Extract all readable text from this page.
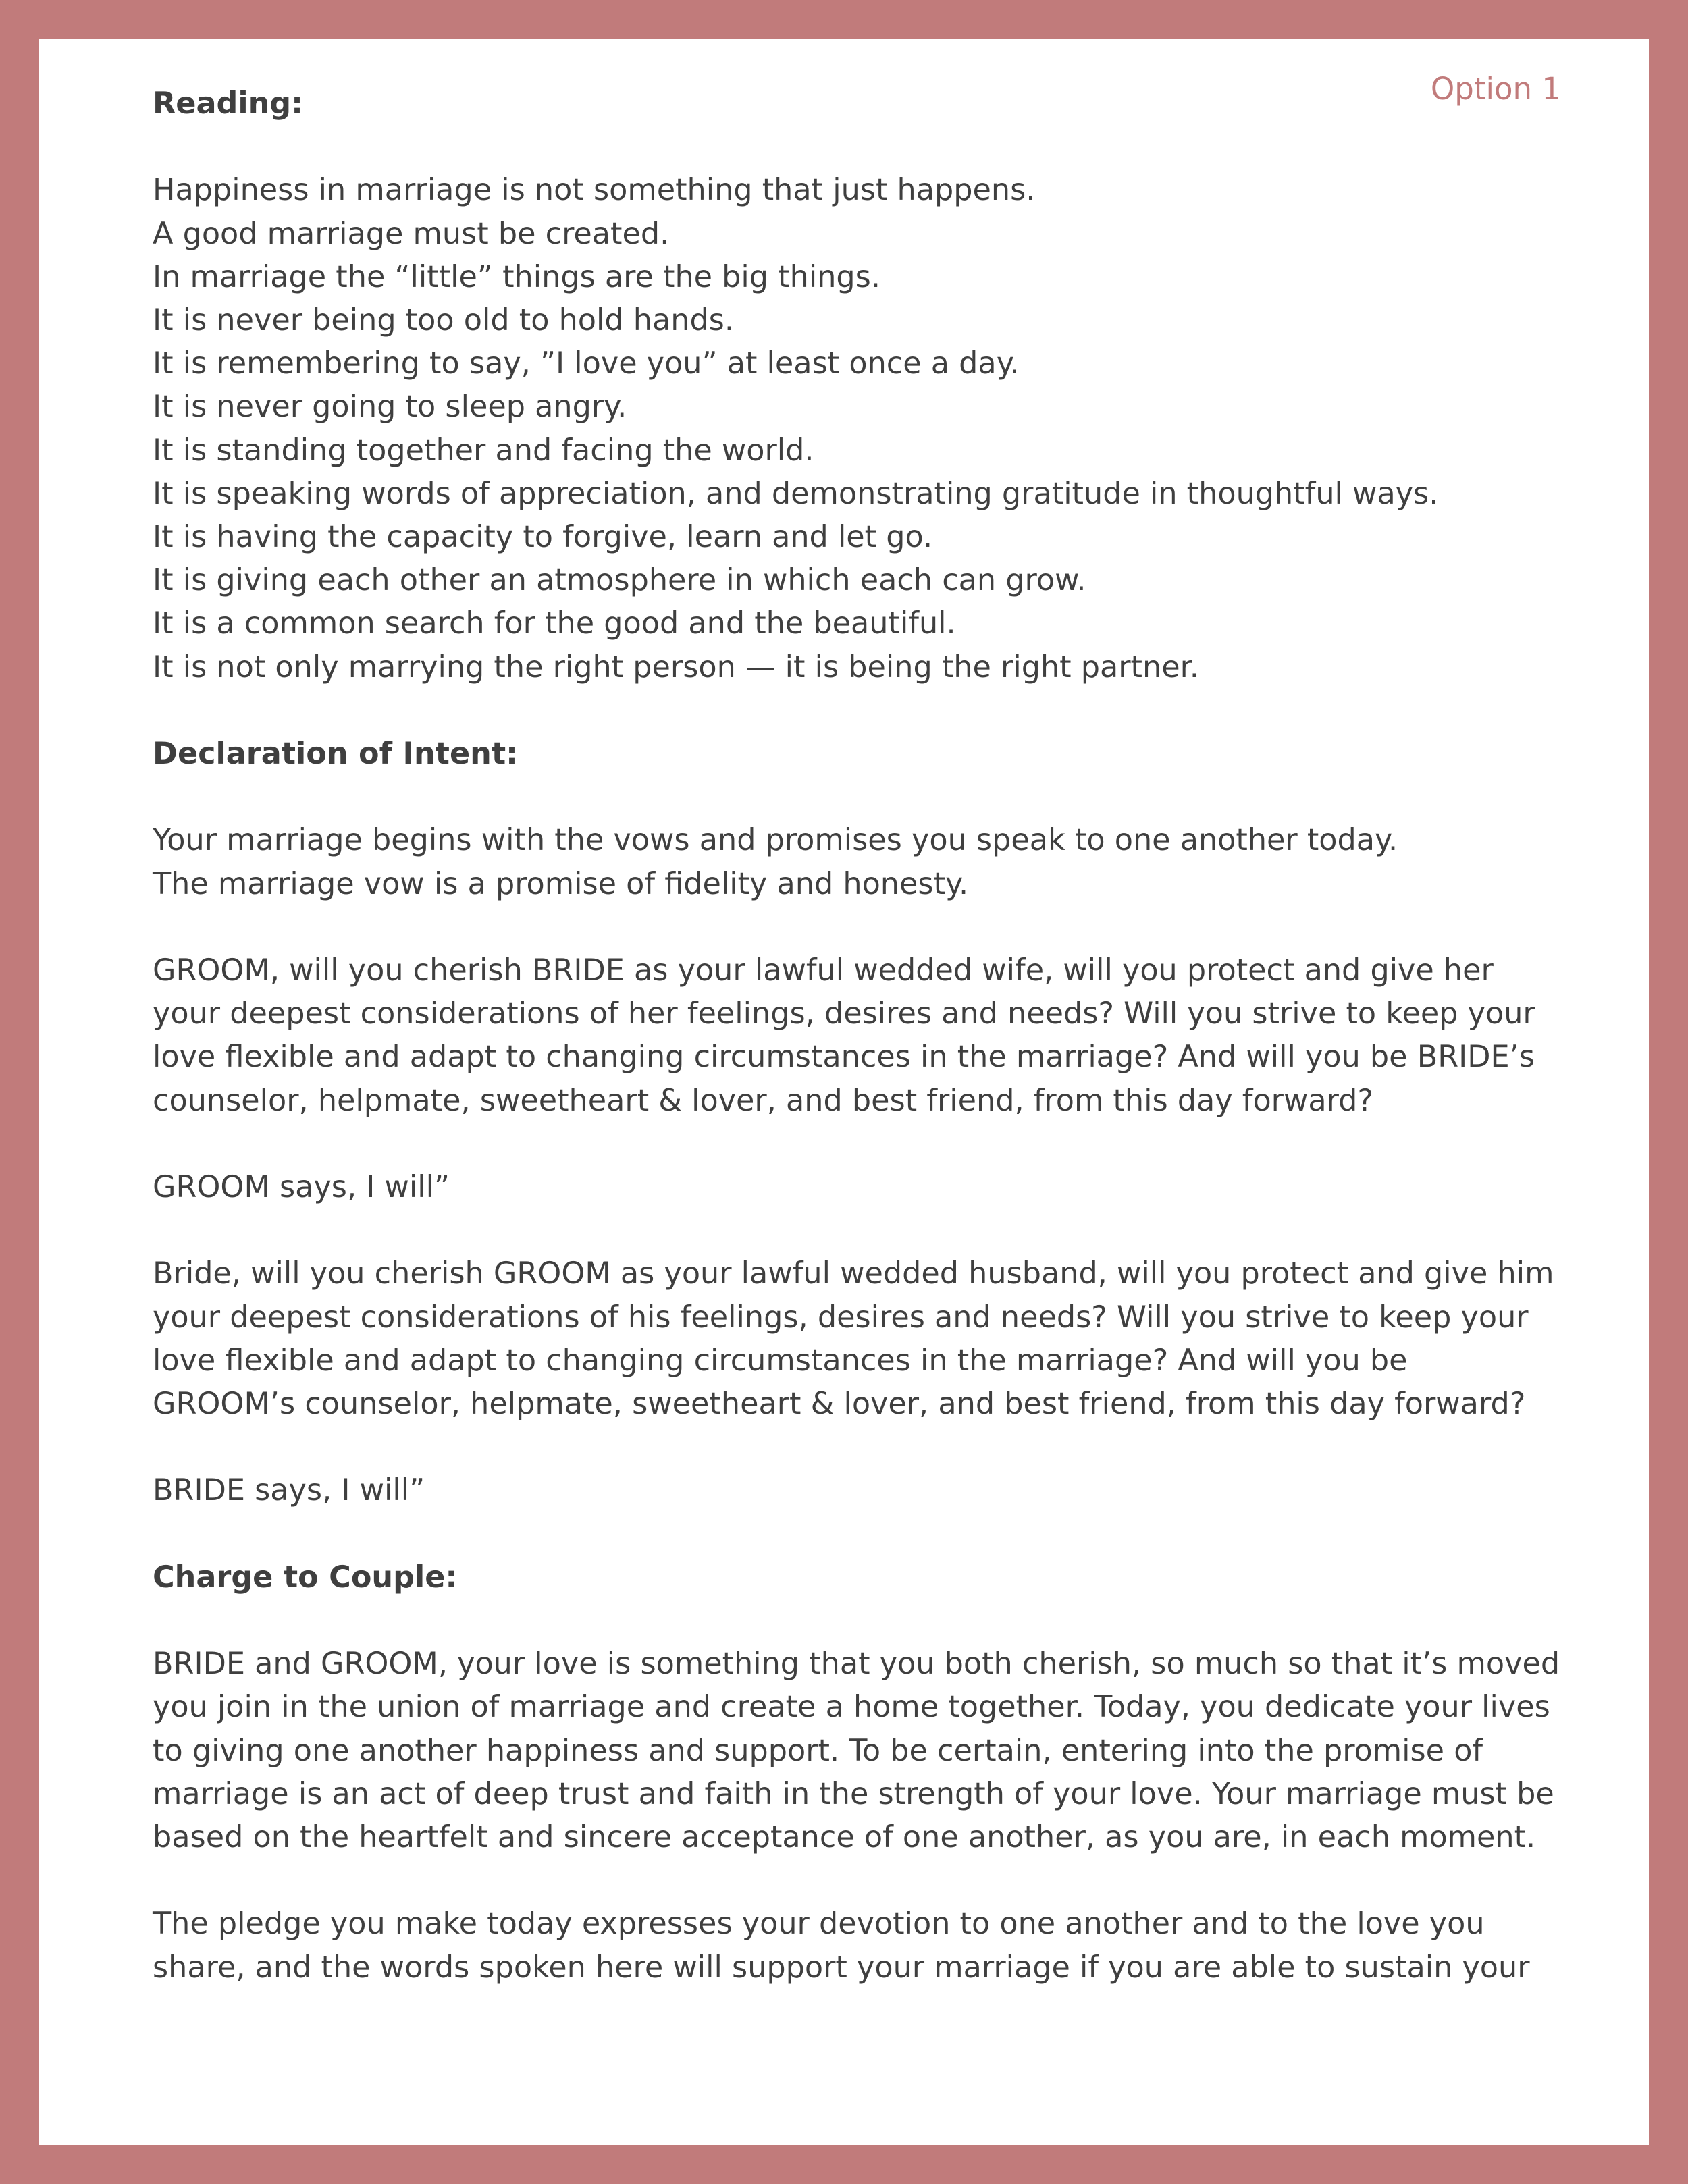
Option 1

Reading:

Happiness in marriage is not something that just happens.
A good marriage must be created.
In marriage the “little” things are the big things.
It is never being too old to hold hands.
It is remembering to say, ”I love you” at least once a day.
It is never going to sleep angry.
It is standing together and facing the world.
It is speaking words of appreciation, and demonstrating gratitude in thoughtful ways.
It is having the capacity to forgive, learn and let go.
It is giving each other an atmosphere in which each can grow.
It is a common search for the good and the beautiful.
It is not only marrying the right person — it is being the right partner.

Declaration of Intent:

Your marriage begins with the vows and promises you speak to one another today.
The marriage vow is a promise of fidelity and honesty.
GROOM, will you cherish BRIDE as your lawful wedded wife, will you protect and give her
your deepest considerations of her feelings, desires and needs? Will you strive to keep your
love flexible and adapt to changing circumstances in the marriage? And will you be BRIDE’s
counselor, helpmate, sweetheart & lover, and best friend, from this day forward?
GROOM says, I will”
Bride, will you cherish GROOM as your lawful wedded husband, will you protect and give him
your deepest considerations of his feelings, desires and needs? Will you strive to keep your
love flexible and adapt to changing circumstances in the marriage? And will you be
GROOM’s counselor, helpmate, sweetheart & lover, and best friend, from this day forward?
BRIDE says, I will”

Charge to Couple:

BRIDE and GROOM, your love is something that you both cherish, so much so that it’s moved
you join in the union of marriage and create a home together. Today, you dedicate your lives
to giving one another happiness and support. To be certain, entering into the promise of
marriage is an act of deep trust and faith in the strength of your love. Your marriage must be
based on the heartfelt and sincere acceptance of one another, as you are, in each moment.
The pledge you make today expresses your devotion to one another and to the love you
share, and the words spoken here will support your marriage if you are able to sustain your
